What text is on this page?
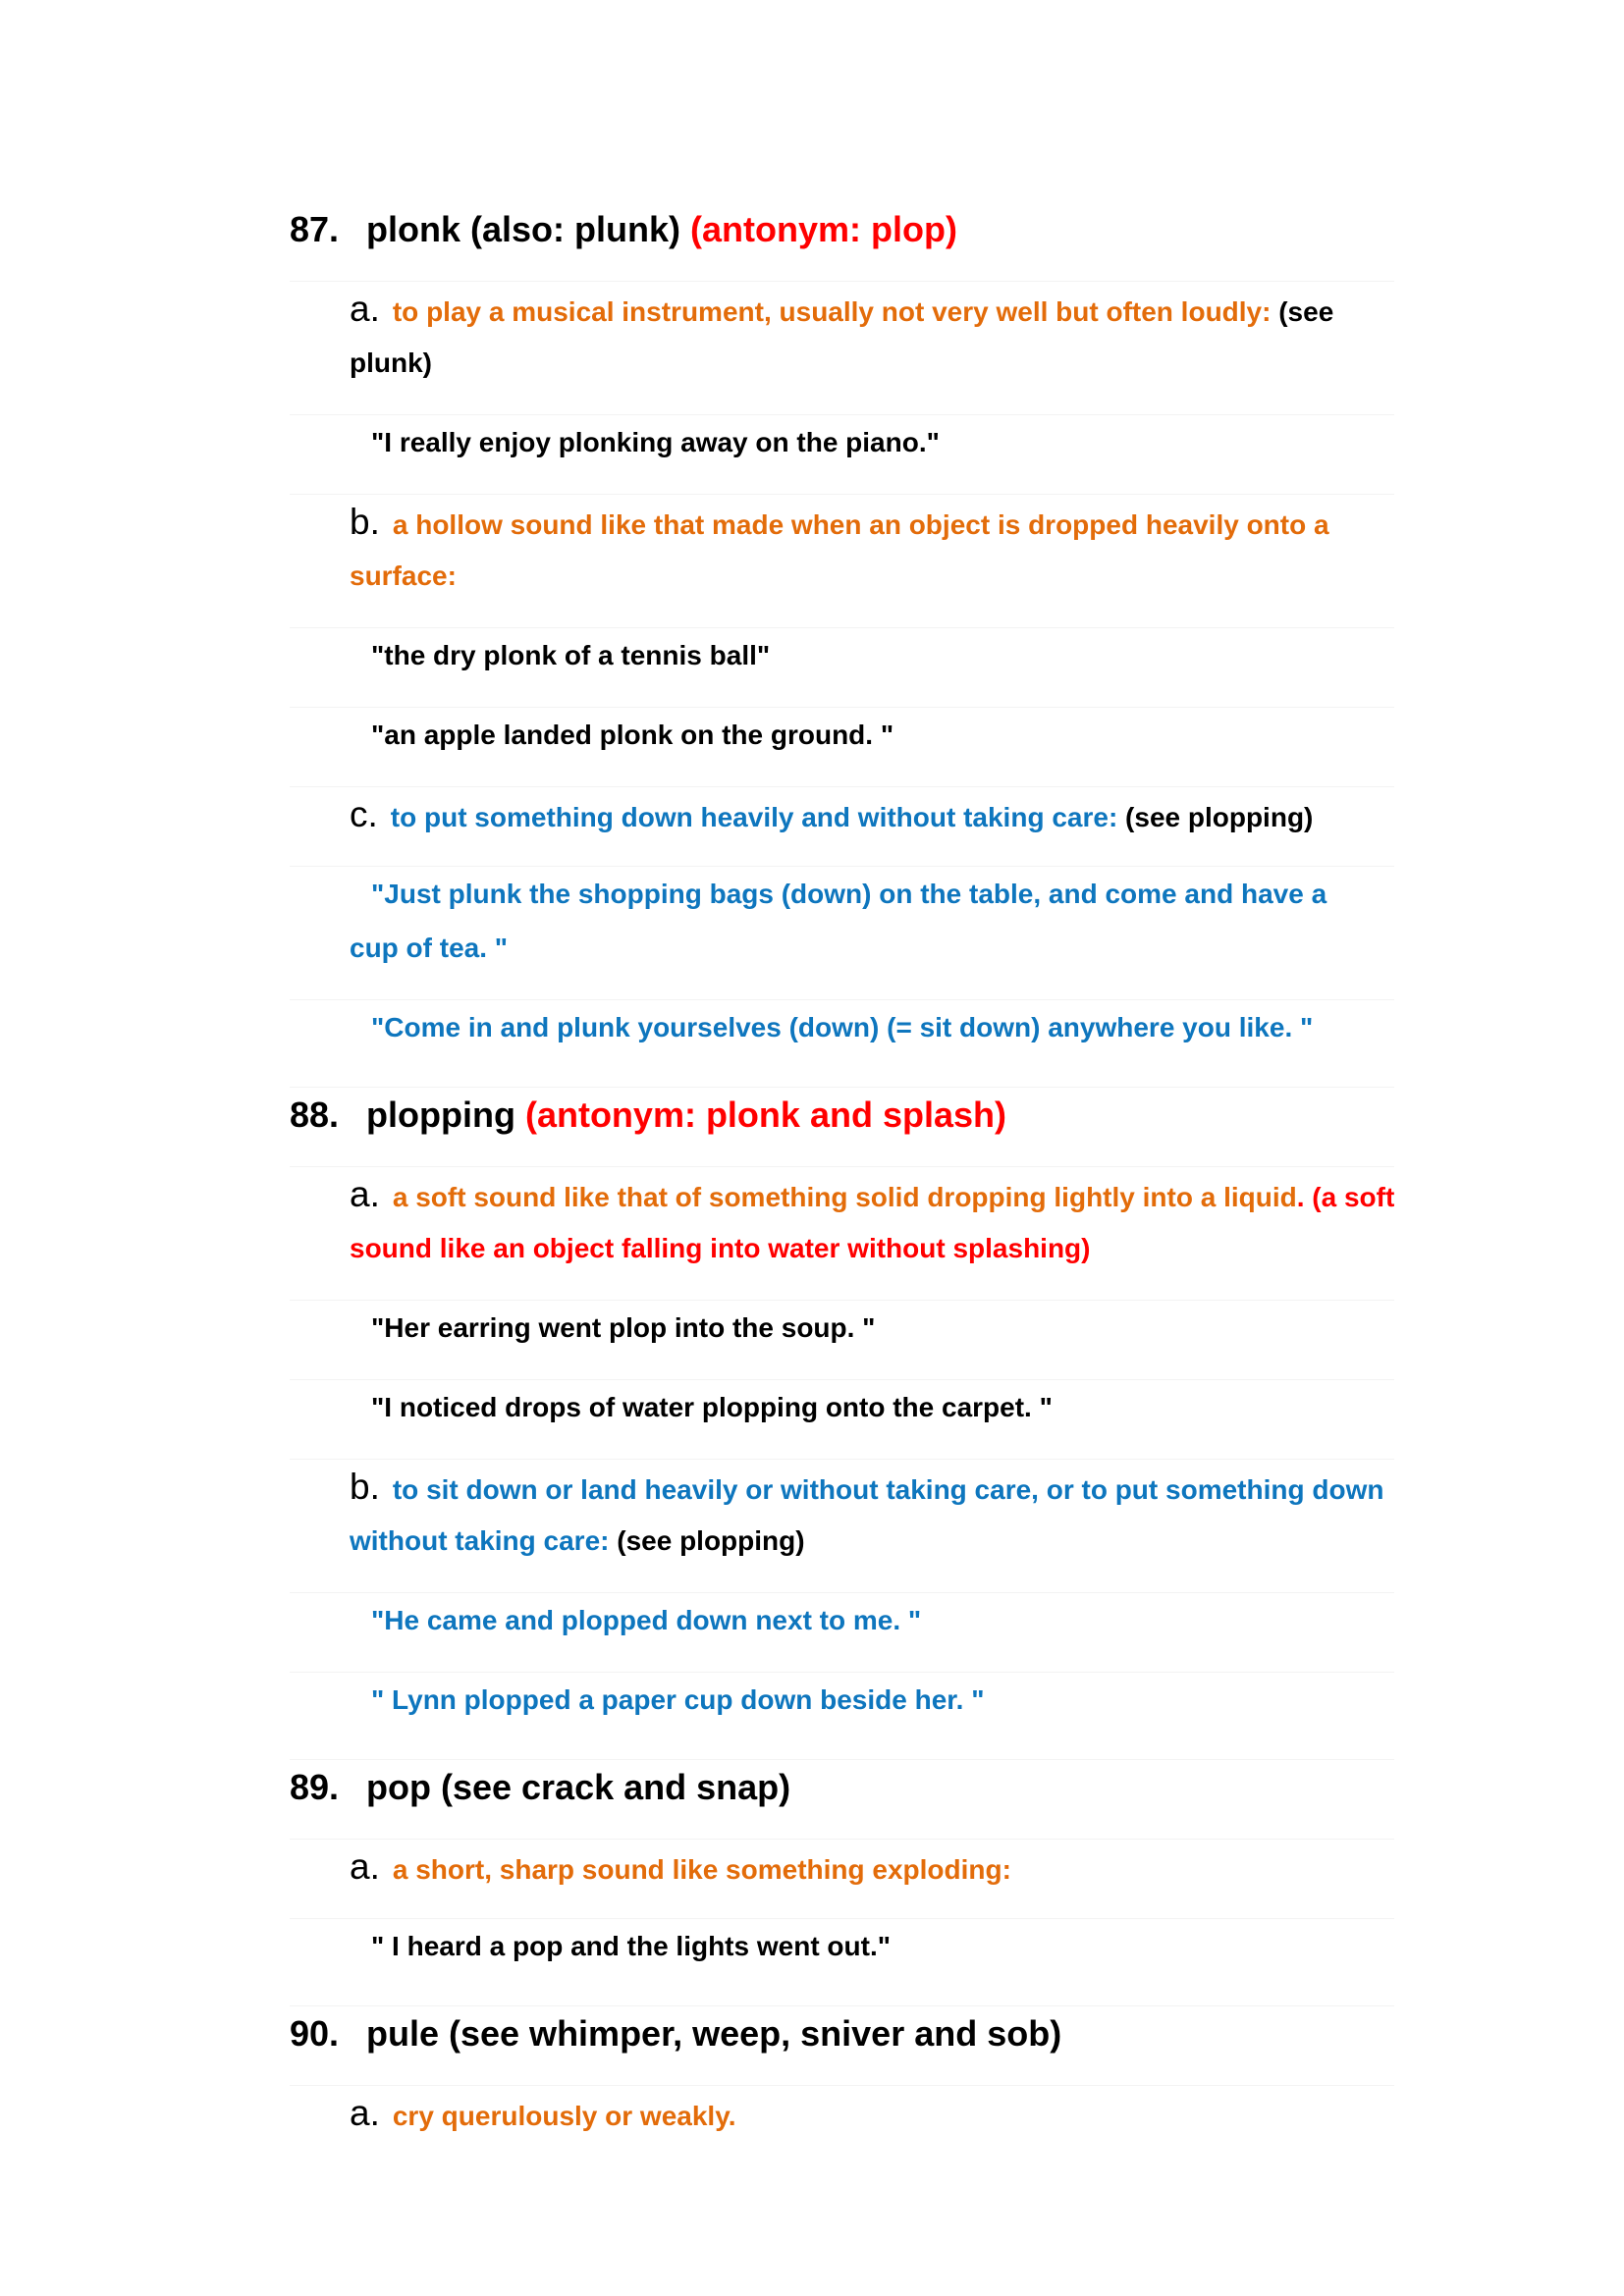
87. plonk (also: plunk) (antonym: plop)
a. to play a musical instrument, usually not very well but often loudly: (see
plunk)
"I really enjoy plonking away on the piano."
b. a hollow sound like that made when an object is dropped heavily onto a
surface:
"the dry plonk of a tennis ball"
"an apple landed plonk on the ground. "
c. to put something down heavily and without taking care: (see plopping)
"Just plunk the shopping bags (down) on the table, and come and have a
cup of tea. "
"Come in and plunk yourselves (down) (= sit down) anywhere you like. "
88. plopping (antonym: plonk and splash)
a. a soft sound like that of something solid dropping lightly into a liquid. (a soft
sound like an object falling into water without splashing)
"Her earring went plop into the soup. "
"I noticed drops of water plopping onto the carpet. "
b. to sit down or land heavily or without taking care, or to put something down
without taking care: (see plopping)
"He came and plopped down next to me. "
" Lynn plopped a paper cup down beside her. "
89. pop (see crack and snap)
a. a short, sharp sound like something exploding:
" I heard a pop and the lights went out."
90. pule (see whimper, weep, sniver and sob)
a. cry querulously or weakly.
